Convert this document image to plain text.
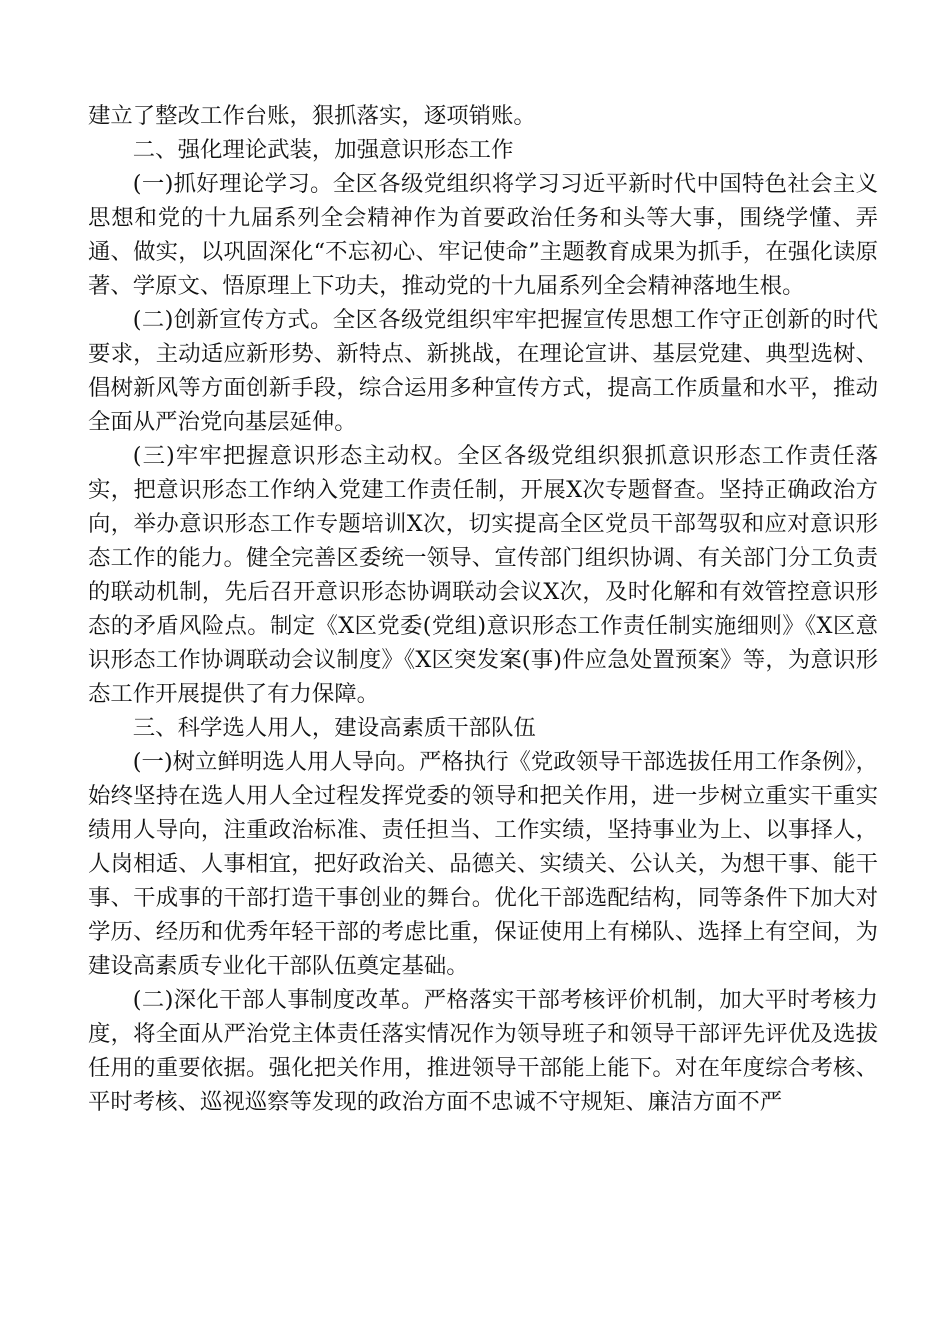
建立了整改工作台账，狠抓落实，逐项销账。

二、强化理论武装，加强意识形态工作

(一)抓好理论学习。全区各级党组织将学习习近平新时代中国特色社会主义思想和党的十九届系列全会精神作为首要政治任务和头等大事，围绕学懂、弄通、做实，以巩固深化“不忘初心、牢记使命”主题教育成果为抓手，在强化读原著、学原文、悟原理上下功夫，推动党的十九届系列全会精神落地生根。

(二)创新宣传方式。全区各级党组织牢牢把握宣传思想工作守正创新的时代要求，主动适应新形势、新特点、新挑战，在理论宣讲、基层党建、典型选树、倡树新风等方面创新手段，综合运用多种宣传方式，提高工作质量和水平，推动全面从严治党向基层延伸。

(三)牢牢把握意识形态主动权。全区各级党组织狠抓意识形态工作责任落实，把意识形态工作纳入党建工作责任制，开展X次专题督查。坚持正确政治方向，举办意识形态工作专题培训X次，切实提高全区党员干部驾驭和应对意识形态工作的能力。健全完善区委统一领导、宣传部门组织协调、有关部门分工负责的联动机制，先后召开意识形态协调联动会议X次，及时化解和有效管控意识形态的矛盾风险点。制定《X区党委(党组)意识形态工作责任制实施细则》《X区意识形态工作协调联动会议制度》《X区突发案(事)件应急处置预案》等，为意识形态工作开展提供了有力保障。

三、科学选人用人，建设高素质干部队伍

(一)树立鲜明选人用人导向。严格执行《党政领导干部选拔任用工作条例》，始终坚持在选人用人全过程发挥党委的领导和把关作用，进一步树立重实干重实绩用人导向，注重政治标准、责任担当、工作实绩，坚持事业为上、以事择人，人岗相适、人事相宜，把好政治关、品德关、实绩关、公认关，为想干事、能干事、干成事的干部打造干事创业的舞台。优化干部选配结构，同等条件下加大对学历、经历和优秀年轻干部的考虑比重，保证使用上有梯队、选择上有空间，为建设高素质专业化干部队伍奠定基础。

(二)深化干部人事制度改革。严格落实干部考核评价机制，加大平时考核力度，将全面从严治党主体责任落实情况作为领导班子和领导干部评先评优及选拔任用的重要依据。强化把关作用，推进领导干部能上能下。对在年度综合考核、平时考核、巡视巡察等发现的政治方面不忠诚不守规矩、廉洁方面不严
